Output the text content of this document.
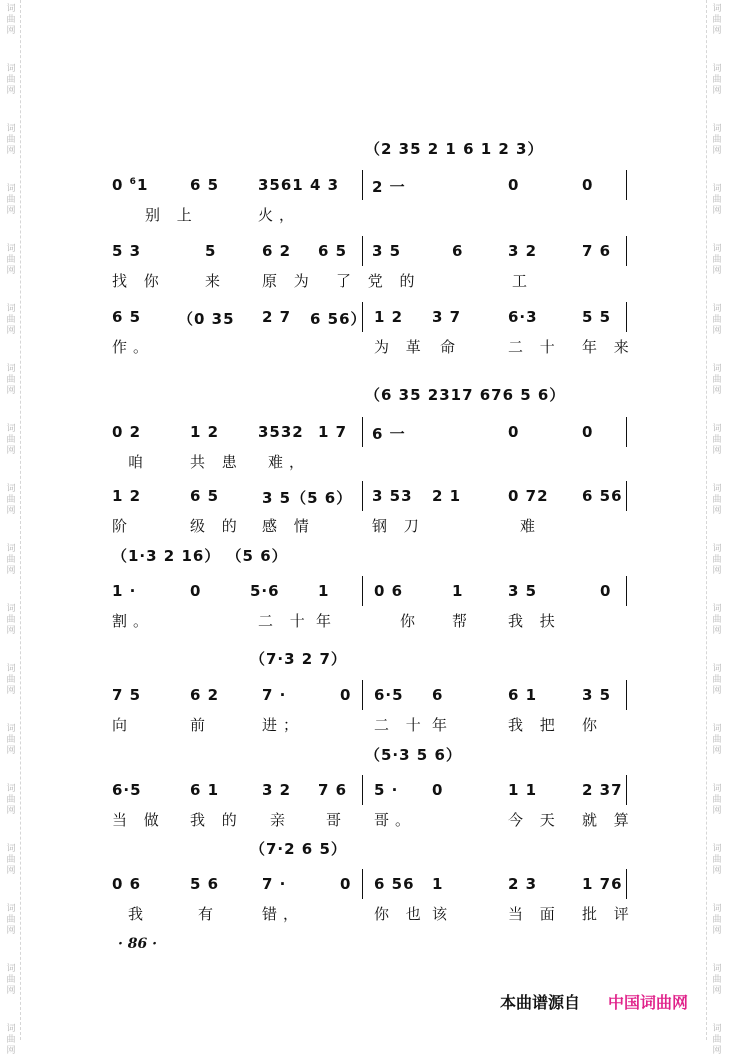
词
曲
网
词
曲
网
词
曲
网
词
曲
网
词
曲
网
词
曲
网
词
曲
网
词
曲
网
词
曲
网
词
曲
网
词
曲
网
词
曲
网
词
曲
网
词
曲
网
词
曲
网
词
曲
网
词
曲
网
词
曲
网
词
曲
网
词
曲
网
词
曲
网
词
曲
网
词
曲
网
词
曲
网
词
曲
网
词
曲
网
词
曲
网
词
曲
网
词
曲
网
词
曲
网
词
曲
网
词
曲
网
词
曲
网
词
曲
网
词
曲
网
词
曲
网
（2 35 2 1 6 1 2 3）
0 $^6$1	6 5	3561 4 3 2 一	0	0
别 上	火，
5 3	5	6 2 6 5 3 5	6	3 2	7 6
找 你	来 原 为 了 党 的	工
6 5 （0 35 2 7 6 56） 1 2 3 7	6·3	5 5
作。	为 革 命	二 十 年 来
（6 35 2317 676 5 6）
0 2	1 2	3532 1 7 6 一	0	0
咱	共 患 难，
1 2	6 5	3 5（5 6） 3 53 2 1	0 72 6 56
阶	级 的 感 情	钢 刀	难
（1·3 2 16） （5 6）
1 ·	0	5·6	1	0 6	1	3 5	0
割。	二 十 年	你 帮 我 扶
（7·3 2 7）
7 5	6 2	7 ·	0 6·5 6	6 1	3 5
向	前	进；	二 十 年	我 把 你
（5·3 5 6）
6·5	6 1	3 2 7 6 5 · 0	1 1	2 37
当 做 我 的 亲 哥 哥。	今 天 就 算
（7·2 6 5）
0 6	5 6	7 ·	0 6 56 1	2 3	1 76
我	有	错，	你 也 该	当 面 批 评
· 86 ·
本曲谱源自 中国词曲网
